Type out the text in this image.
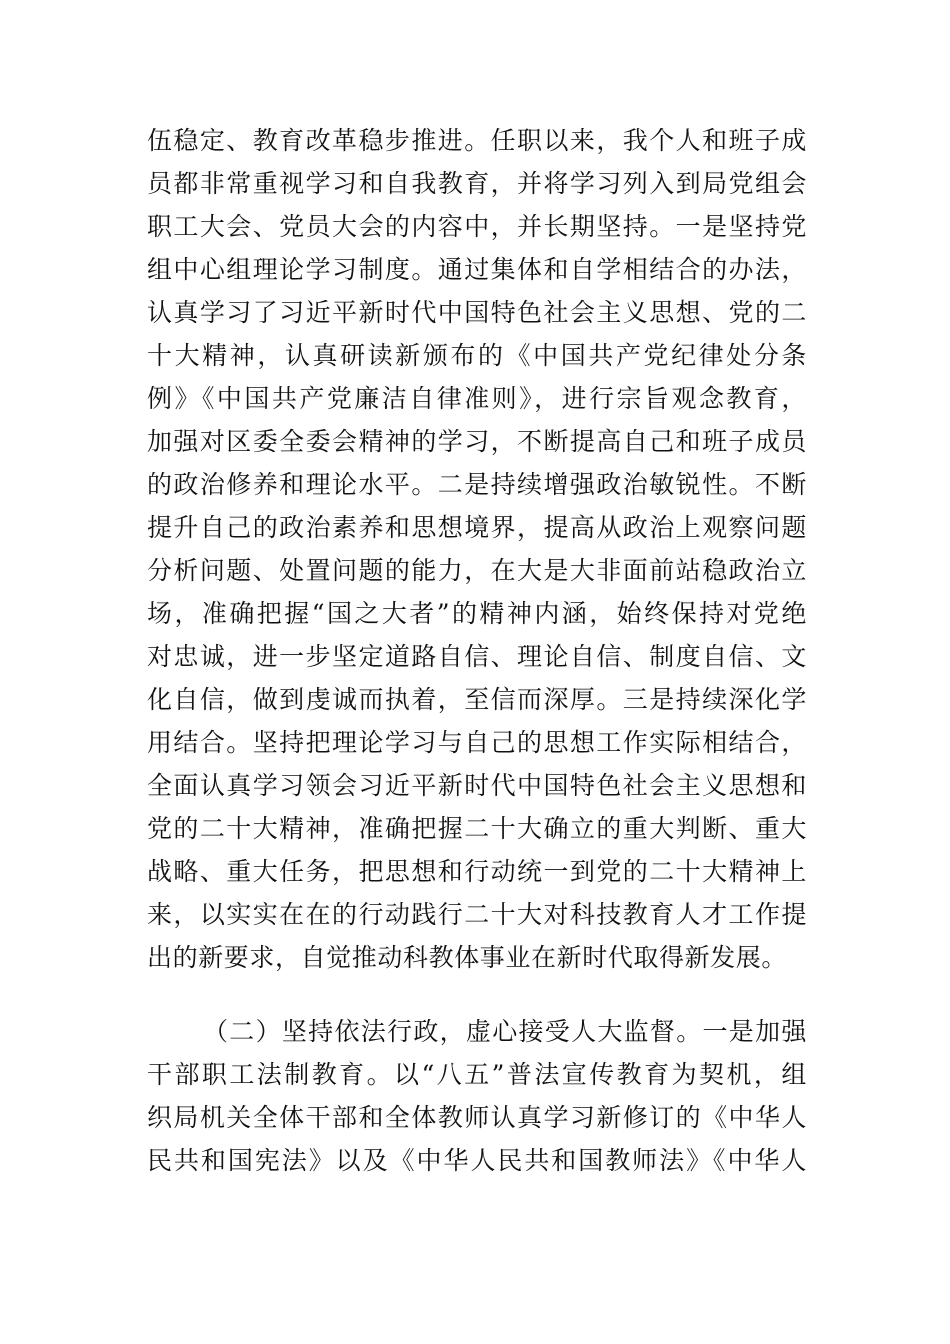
伍稳定、教育改革稳步推进。任职以来，我个人和班子成
员都非常重视学习和自我教育，并将学习列入到局党组会
职工大会、党员大会的内容中，并长期坚持。一是坚持党
组中心组理论学习制度。通过集体和自学相结合的办法，
认真学习了习近平新时代中国特色社会主义思想、党的二
十大精神，认真研读新颁布的《中国共产党纪律处分条
例》《中国共产党廉洁自律准则》，进行宗旨观念教育，
加强对区委全委会精神的学习，不断提高自己和班子成员
的政治修养和理论水平。二是持续增强政治敏锐性。不断
提升自己的政治素养和思想境界，提高从政治上观察问题
分析问题、处置问题的能力，在大是大非面前站稳政治立
场，准确把握“国之大者”的精神内涵，始终保持对党绝
对忠诚，进一步坚定道路自信、理论自信、制度自信、文
化自信，做到虔诚而执着，至信而深厚。三是持续深化学
用结合。坚持把理论学习与自己的思想工作实际相结合，
全面认真学习领会习近平新时代中国特色社会主义思想和
党的二十大精神，准确把握二十大确立的重大判断、重大
战略、重大任务，把思想和行动统一到党的二十大精神上
来，以实实在在的行动践行二十大对科技教育人才工作提
出的新要求，自觉推动科教体事业在新时代取得新发展。
（二）坚持依法行政，虚心接受人大监督。一是加强
干部职工法制教育。以“八五”普法宣传教育为契机，组
织局机关全体干部和全体教师认真学习新修订的《中华人
民共和国宪法》以及《中华人民共和国教师法》《中华人
